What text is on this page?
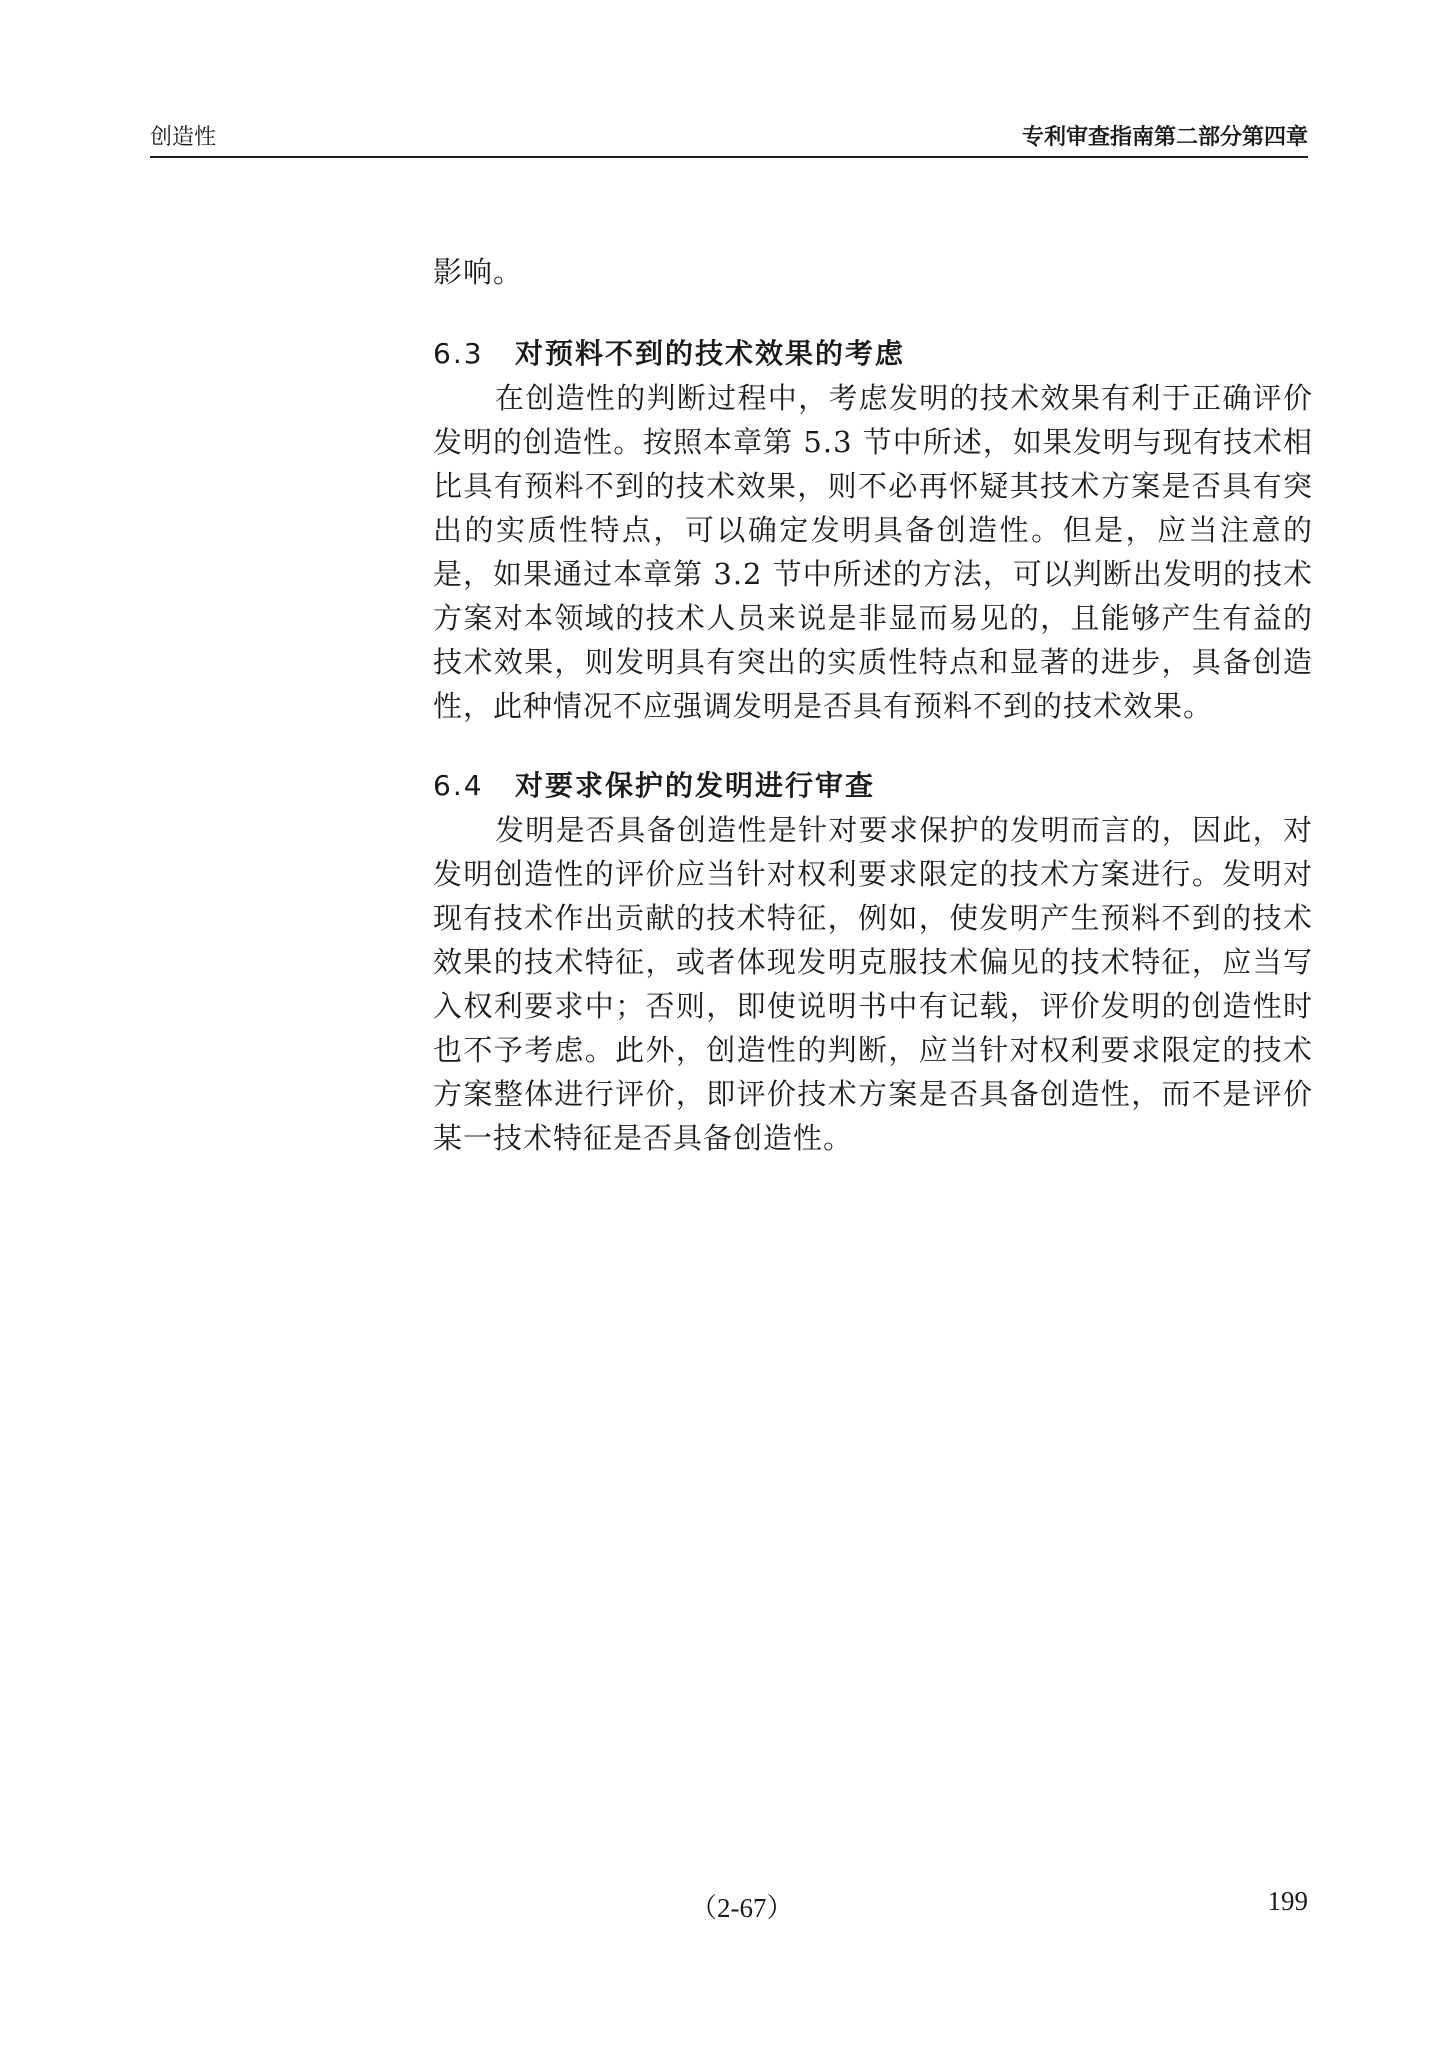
创造性	专利审查指南第二部分第四章

影响。

6.3 对预料不到的技术效果的考虑

在创造性的判断过程中，考虑发明的技术效果有利于正确评价发明的创造性。按照本章第 5.3 节中所述，如果发明与现有技术相比具有预料不到的技术效果，则不必再怀疑其技术方案是否具有突出的实质性特点，可以确定发明具备创造性。但是，应当注意的是，如果通过本章第 3.2 节中所述的方法，可以判断出发明的技术方案对本领域的技术人员来说是非显而易见的，且能够产生有益的技术效果，则发明具有突出的实质性特点和显著的进步，具备创造性，此种情况不应强调发明是否具有预料不到的技术效果。

6.4 对要求保护的发明进行审查

发明是否具备创造性是针对要求保护的发明而言的，因此，对发明创造性的评价应当针对权利要求限定的技术方案进行。发明对现有技术作出贡献的技术特征，例如，使发明产生预料不到的技术效果的技术特征，或者体现发明克服技术偏见的技术特征，应当写入权利要求中；否则，即使说明书中有记载，评价发明的创造性时也不予考虑。此外，创造性的判断，应当针对权利要求限定的技术方案整体进行评价，即评价技术方案是否具备创造性，而不是评价某一技术特征是否具备创造性。

（2-67）	199
